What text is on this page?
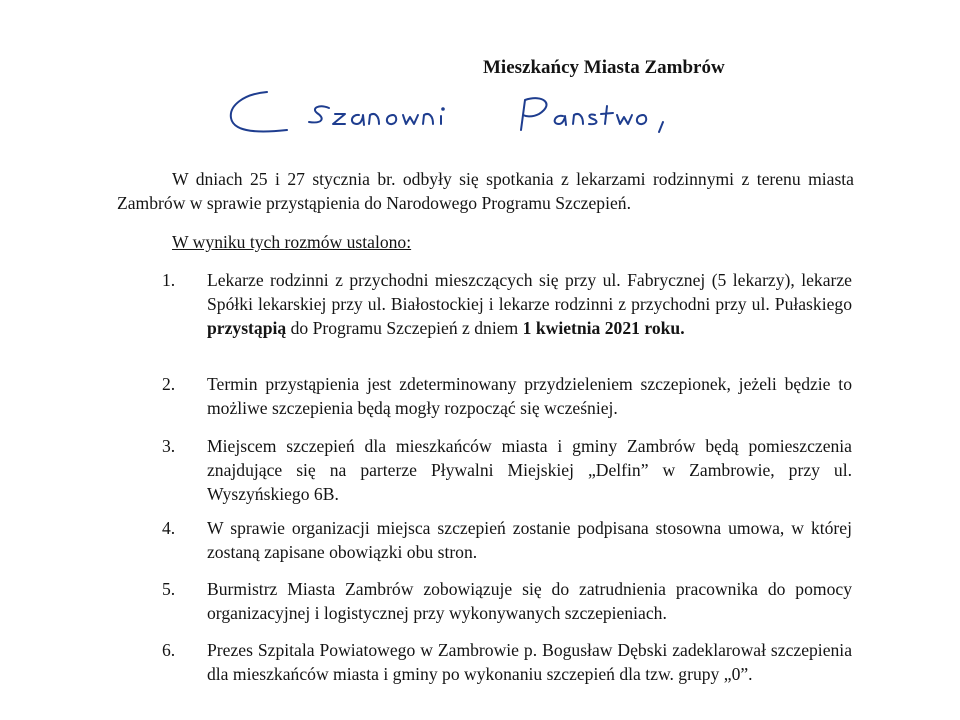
Mieszkańcy Miasta Zambrów
W dniach 25 i 27 stycznia br. odbyły się spotkania z lekarzami rodzinnymi z terenu miasta Zambrów w sprawie przystąpienia do Narodowego Programu Szczepień.
W wyniku tych rozmów ustalono:
1. Lekarze rodzinni z przychodni mieszczących się przy ul. Fabrycznej (5 lekarzy), lekarze Spółki lekarskiej przy ul. Białostockiej i lekarze rodzinni z przychodni przy ul. Pułaskiego przystąpią do Programu Szczepień z dniem 1 kwietnia 2021 roku.
2. Termin przystąpienia jest zdeterminowany przydzieleniem szczepionek, jeżeli będzie to możliwe szczepienia będą mogły rozpocząć się wcześniej.
3. Miejscem szczepień dla mieszkańców miasta i gminy Zambrów będą pomieszczenia znajdujące się na parterze Pływalni Miejskiej „Delfin” w Zambrowie, przy ul. Wyszyńskiego 6B.
4. W sprawie organizacji miejsca szczepień zostanie podpisana stosowna umowa, w której zostaną zapisane obowiązki obu stron.
5. Burmistrz Miasta Zambrów zobowiązuje się do zatrudnienia pracownika do pomocy organizacyjnej i logistycznej przy wykonywanych szczepieniach.
6. Prezes Szpitala Powiatowego w Zambrowie p. Bogusław Dębski zadeklarował szczepienia dla mieszkańców miasta i gminy po wykonaniu szczepień dla tzw. grupy „0”.
